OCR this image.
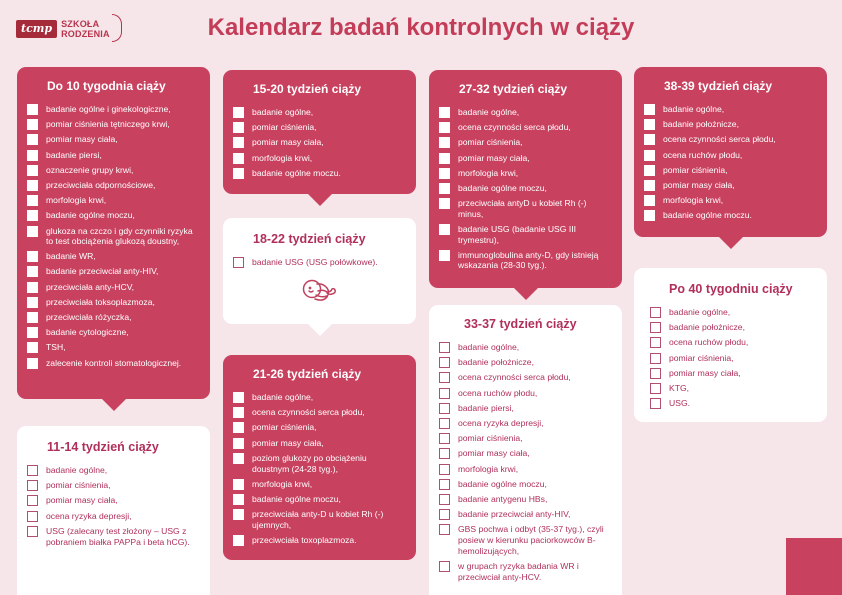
tcmp	SZKOŁA
RODZENIA	Kalendarz badań kontrolnych w ciąży
Do 10 tygodnia ciąży
badanie ogólne i ginekologiczne,
pomiar ciśnienia tętniczego krwi,
pomiar masy ciała,
badanie piersi,
oznaczenie grupy krwi,
przeciwciała odpornościowe,
morfologia krwi,
badanie ogólne moczu,
glukoza na czczo i gdy czynniki ryzyka to test obciążenia glukozą doustny,
badanie WR,
badanie przeciwciał anty-HIV,
przeciwciała anty-HCV,
przeciwciała toksoplazmoza,
przeciwciała różyczka,
badanie cytologiczne,
TSH,
zalecenie kontroli stomatologicznej.
11-14 tydzień ciąży
badanie ogólne,
pomiar ciśnienia,
pomiar masy ciała,
ocena ryzyka depresji,
USG (zalecany test złożony – USG z pobraniem białka PAPPa i beta hCG).
15-20 tydzień ciąży
badanie ogólne,
pomiar ciśnienia,
pomiar masy ciała,
morfologia krwi,
badanie ogólne moczu.
18-22 tydzień ciąży
badanie USG (USG połówkowe).
21-26 tydzień ciąży
badanie ogólne,
ocena czynności serca płodu,
pomiar ciśnienia,
pomiar masy ciała,
poziom glukozy po obciążeniu doustnym (24-28 tyg.),
morfologia krwi,
badanie ogólne moczu,
przeciwciała anty-D u kobiet Rh (-) ujemnych,
przeciwciała toxoplazmoza.
27-32 tydzień ciąży
badanie ogólne,
ocena czynności serca płodu,
pomiar ciśnienia,
pomiar masy ciała,
morfologia krwi,
badanie ogólne moczu,
przeciwciała antyD u kobiet Rh (-) minus,
badanie USG (badanie USG III trymestru),
immunoglobulina anty-D, gdy istnieją wskazania (28-30 tyg.).
33-37 tydzień ciąży
badanie ogólne,
badanie położnicze,
ocena czynności serca płodu,
ocena ruchów płodu,
badanie piersi,
ocena ryzyka depresji,
pomiar ciśnienia,
pomiar masy ciała,
morfologia krwi,
badanie ogólne moczu,
badanie antygenu HBs,
badanie przeciwciał anty-HIV,
GBS pochwa i odbyt (35-37 tyg.), czyli posiew w kierunku paciorkowców B-hemolizujących,
w grupach ryzyka badania WR i przeciwciał anty-HCV.
38-39 tydzień ciąży
badanie ogólne,
badanie położnicze,
ocena czynności serca płodu,
ocena ruchów płodu,
pomiar ciśnienia,
pomiar masy ciała,
morfologia krwi,
badanie ogólne moczu.
Po 40 tygodniu ciąży
badanie ogólne,
badanie położnicze,
ocena ruchów płodu,
pomiar ciśnienia,
pomiar masy ciała,
KTG,
USG.
